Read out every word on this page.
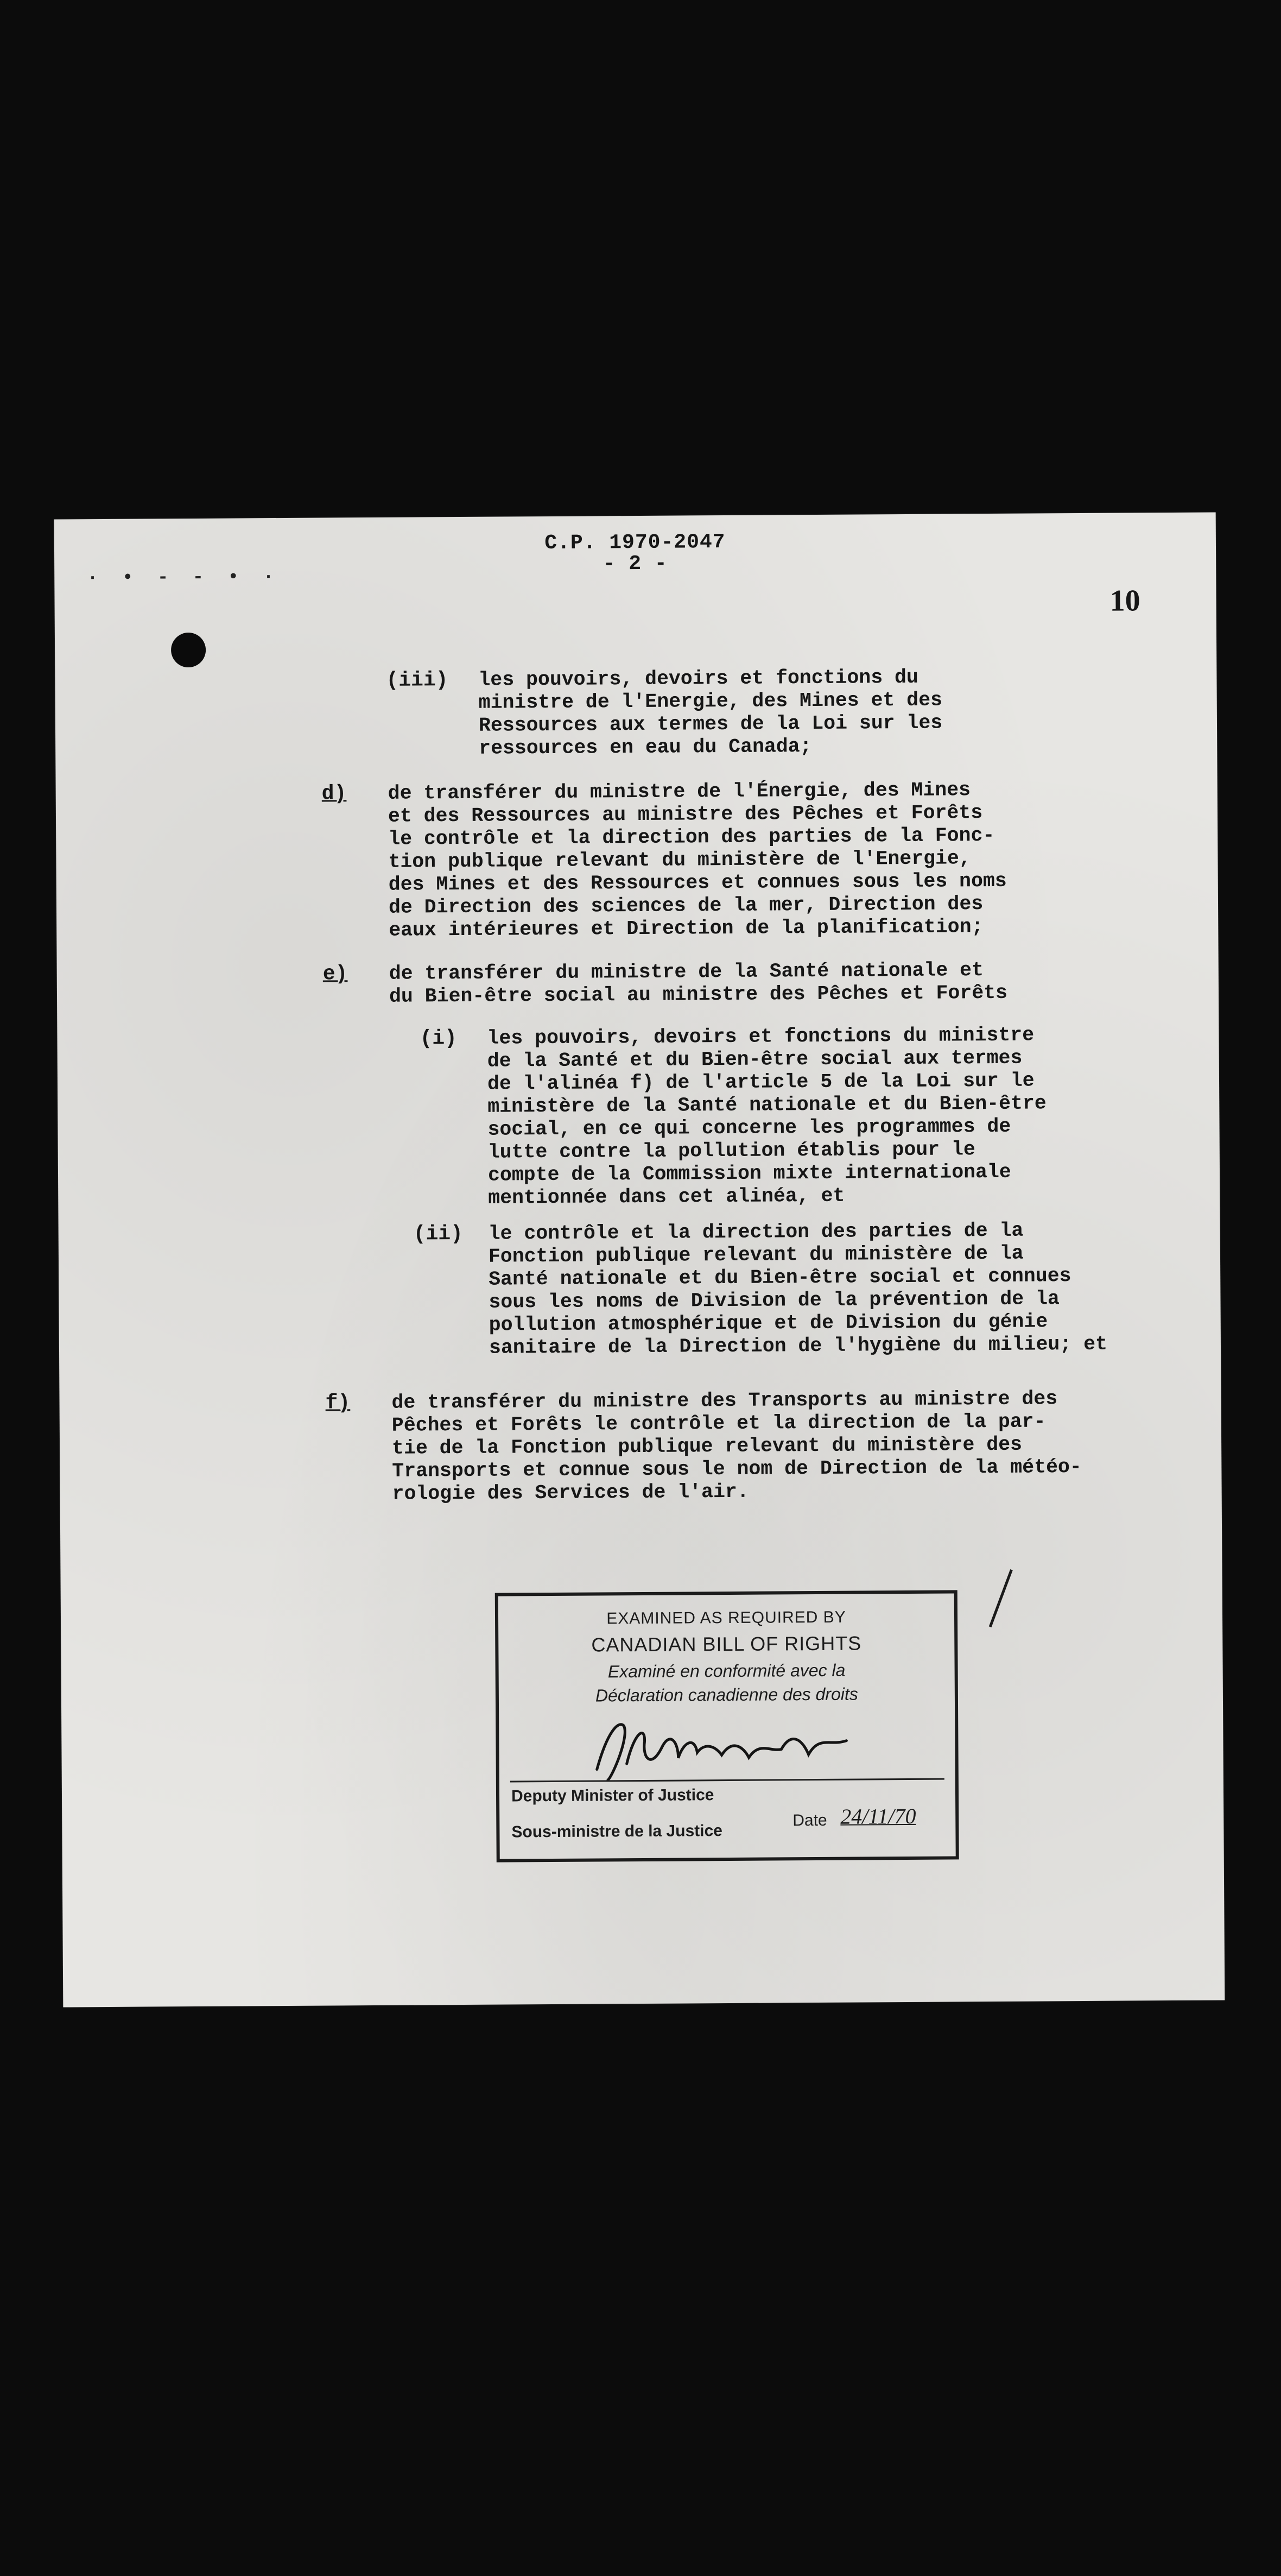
· • - - • ·
C.P. 1970-2047
- 2 -
10
(iii) les pouvoirs, devoirs et fonctions du
ministre de l'Energie, des Mines et des
Ressources aux termes de la Loi sur les
ressources en eau du Canada;
d) de transférer du ministre de l'Énergie, des Mines
et des Ressources au ministre des Pêches et Forêts
le contrôle et la direction des parties de la Fonc-
tion publique relevant du ministère de l'Energie,
des Mines et des Ressources et connues sous les noms
de Direction des sciences de la mer, Direction des
eaux intérieures et Direction de la planification;
e) de transférer du ministre de la Santé nationale et
du Bien-être social au ministre des Pêches et Forêts
(i) les pouvoirs, devoirs et fonctions du ministre
de la Santé et du Bien-être social aux termes
de l'alinéa f) de l'article 5 de la Loi sur le
ministère de la Santé nationale et du Bien-être
social, en ce qui concerne les programmes de
lutte contre la pollution établis pour le
compte de la Commission mixte internationale
mentionnée dans cet alinéa, et
(ii) le contrôle et la direction des parties de la
Fonction publique relevant du ministère de la
Santé nationale et du Bien-être social et connues
sous les noms de Division de la prévention de la
pollution atmosphérique et de Division du génie
sanitaire de la Direction de l'hygiène du milieu; et
f) de transférer du ministre des Transports au ministre des
Pêches et Forêts le contrôle et la direction de la par-
tie de la Fonction publique relevant du ministère des
Transports et connue sous le nom de Direction de la météo-
rologie des Services de l'air.
EXAMINED AS REQUIRED BY
CANADIAN BILL OF RIGHTS
Examiné en conformité avec la
Déclaration canadienne des droits
Deputy Minister of Justice
Date 24/11/70
Sous-ministre de la Justice
